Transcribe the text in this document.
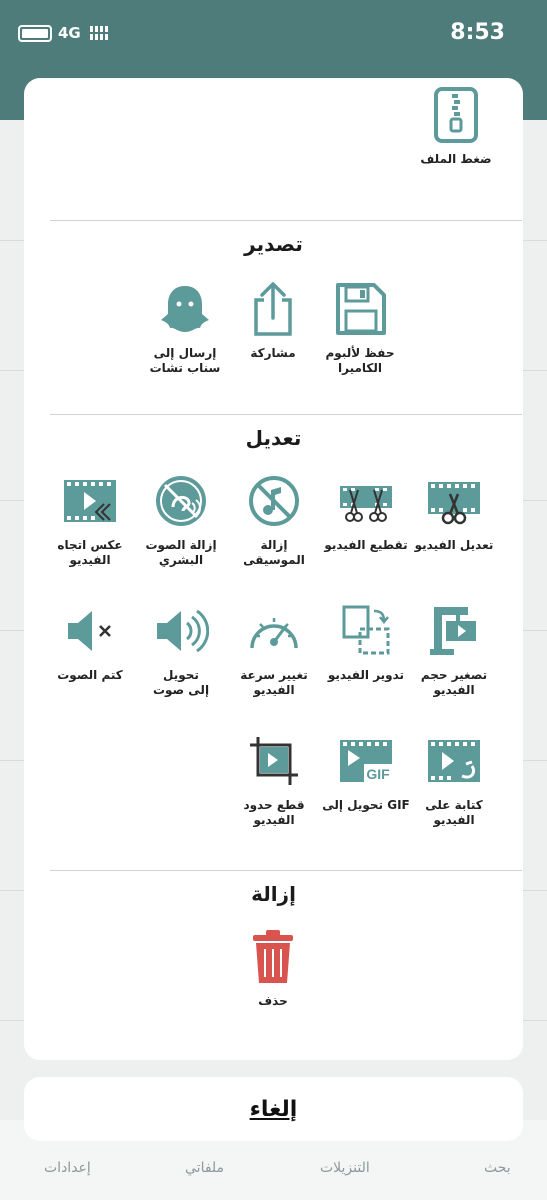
4G	8:53
بحث
التنزيلات
ملفاتي
إعدادات
ضغط الملف
تصدير
حفظ لألبوم
الكاميرا
مشاركة
إرسال إلى
سناب تشات
تعديل
تعديل الفيديو
تقطيع الفيديو
إزالة الموسيقى
إزالة الصوت
البشري
عكس اتجاه
الفيديو
تصغير حجم
الفيديو
تدوير الفيديو
تغيير سرعة
الفيديو
تحويل
إلى صوت
كتم الصوت
كتابة على
الفيديو
GIF
تحويل إلى GIF
قطع حدود
الفيديو
إزالة
حذف
إلغاء
